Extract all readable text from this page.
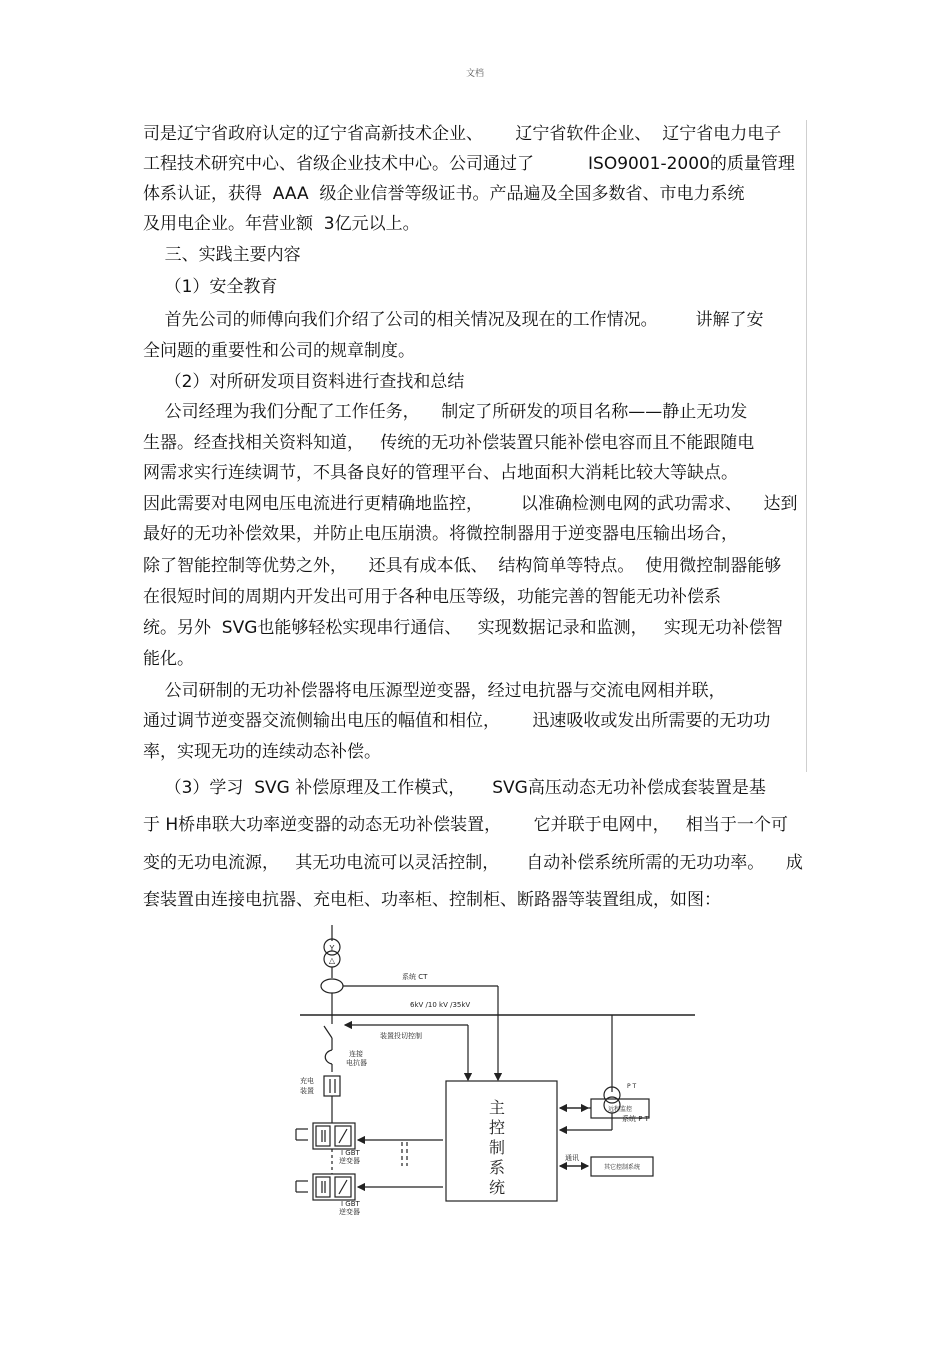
文档
司是辽宁省政府认定的辽宁省高新技术企业、      辽宁省软件企业、  辽宁省电力电子
工程技术研究中心、省级企业技术中心。公司通过了          ISO9001-2000的质量管理
体系认证，获得  AAA  级企业信誉等级证书。产品遍及全国多数省、市电力系统
及用电企业。年营业额  3亿元以上。
三、实践主要内容
（1）安全教育
首先公司的师傅向我们介绍了公司的相关情况及现在的工作情况。       讲解了安
全问题的重要性和公司的规章制度。
（2）对所研发项目资料进行查找和总结
公司经理为我们分配了工作任务，    制定了所研发的项目名称——静止无功发
生器。经查找相关资料知道，   传统的无功补偿装置只能补偿电容而且不能跟随电
网需求实行连续调节，不具备良好的管理平台、占地面积大消耗比较大等缺点。
因此需要对电网电压电流进行更精确地监控，       以准确检测电网的武功需求、    达到
最好的无功补偿效果，并防止电压崩溃。将微控制器用于逆变器电压输出场合，
除了智能控制等优势之外，    还具有成本低、  结构简单等特点。  使用微控制器能够
在很短时间的周期内开发出可用于各种电压等级，功能完善的智能无功补偿系
统。另外  SVG也能够轻松实现串行通信、   实现数据记录和监测，   实现无功补偿智
能化。
公司研制的无功补偿器将电压源型逆变器，经过电抗器与交流电网相并联，
通过调节逆变器交流侧输出电压的幅值和相位，      迅速吸收或发出所需要的无功功
率，实现无功的连续动态补偿。
（3）学习  SVG 补偿原理及工作模式，     SVG高压动态无功补偿成套装置是基
于 H桥串联大功率逆变器的动态无功补偿装置，      它并联于电网中，   相当于一个可
变的无功电流源，   其无功电流可以灵活控制，     自动补偿系统所需的无功功率。    成
套装置由连接电抗器、充电柜、功率柜、控制柜、断路器等装置组成，如图：
Y
△
系统 CT
6kV /10 kV /35kV
装置投切控制
P T
系统 P T
连接
电抗器
充电
装置
主
控
制
系
统
远程监控
通讯
其它控制系统
I GBT
逆变器
I GBT
逆变器
